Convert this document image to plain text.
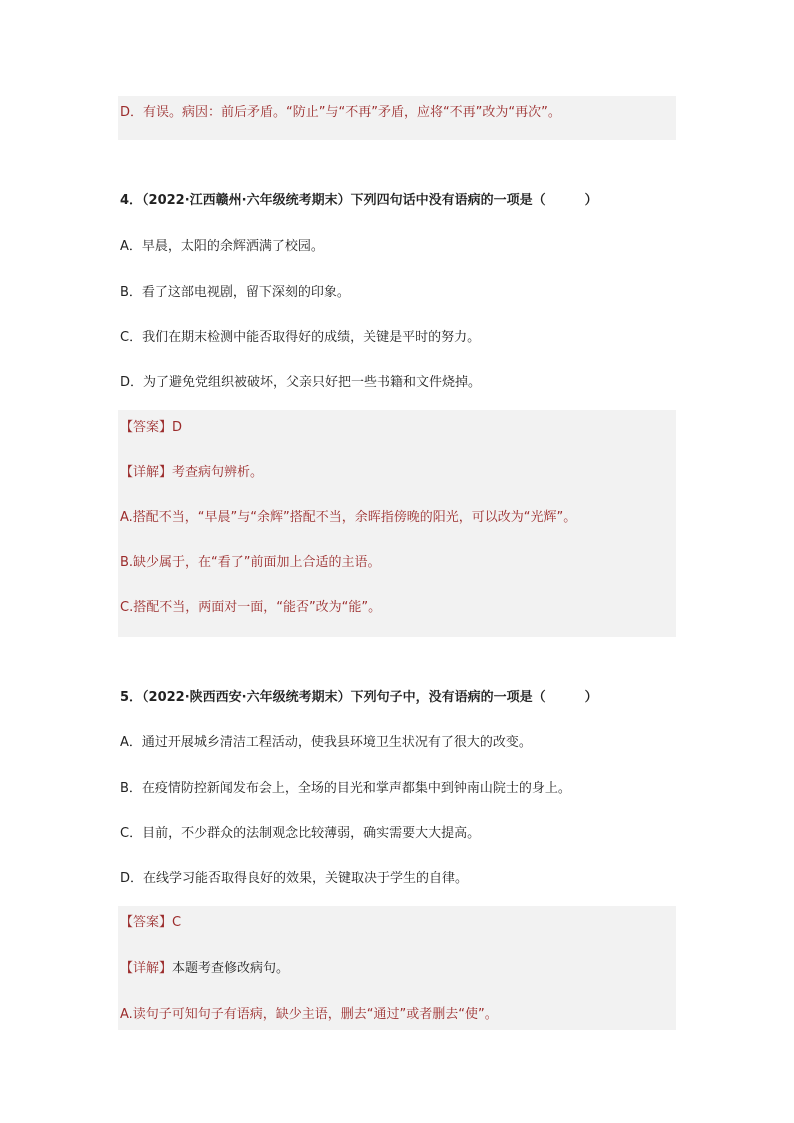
D．有误。病因：前后矛盾。“防止”与“不再”矛盾，应将“不再”改为“再次”。
4．（2022·江西赣州·六年级统考期末）下列四句话中没有语病的一项是（　　　）
A．早晨，太阳的余辉洒满了校园。
B．看了这部电视剧，留下深刻的印象。
C．我们在期末检测中能否取得好的成绩，关键是平时的努力。
D．为了避免党组织被破坏，父亲只好把一些书籍和文件烧掉。
【答案】D
【详解】考查病句辨析。
A.搭配不当，“早晨”与“余辉”搭配不当，余晖指傍晚的阳光，可以改为“光辉”。
B.缺少属于，在“看了”前面加上合适的主语。
C.搭配不当，两面对一面，“能否”改为“能”。
5．（2022·陕西西安·六年级统考期末）下列句子中，没有语病的一项是（　　　）
A．通过开展城乡清洁工程活动，使我县环境卫生状况有了很大的改变。
B．在疫情防控新闻发布会上，全场的目光和掌声都集中到钟南山院士的身上。
C．目前，不少群众的法制观念比较薄弱，确实需要大大提高。
D．在线学习能否取得良好的效果，关键取决于学生的自律。
【答案】C
【详解】本题考查修改病句。
A.读句子可知句子有语病，缺少主语，删去“通过”或者删去“使”。
